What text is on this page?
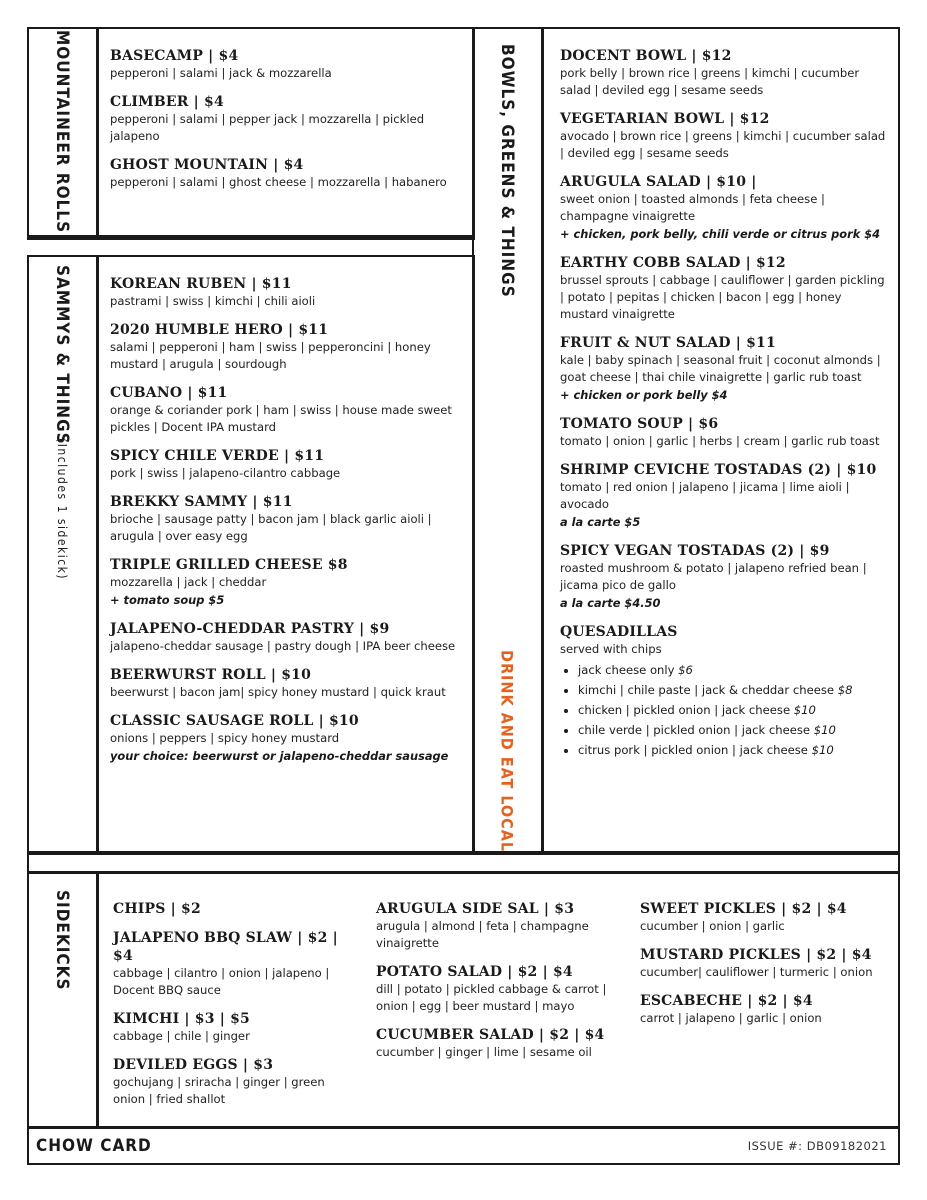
MOUNTAINEER ROLLS	BASECAMP | $4
pepperoni | salami | jack & mozzarella
CLIMBER | $4
pepperoni | salami | pepper jack | mozzarella | pickled jalapeno
GHOST MOUNTAIN | $4
pepperoni | salami | ghost cheese | mozzarella | habanero
SAMMYS & THINGS
(Includes 1 sidekick)
KOREAN RUBEN | $11
pastrami | swiss | kimchi | chili aioli
2020 HUMBLE HERO | $11
salami | pepperoni | ham | swiss | pepperoncini | honey mustard | arugula | sourdough
CUBANO | $11
orange & coriander pork | ham | swiss | house made sweet pickles | Docent IPA mustard
SPICY CHILE VERDE | $11
pork | swiss | jalapeno-cilantro cabbage
BREKKY SAMMY | $11
brioche | sausage patty | bacon jam | black garlic aioli | arugula | over easy egg
TRIPLE GRILLED CHEESE $8
mozzarella | jack | cheddar
+ tomato soup $5
JALAPENO-CHEDDAR PASTRY | $9
jalapeno-cheddar sausage | pastry dough | IPA beer cheese
BEERWURST ROLL | $10
beerwurst | bacon jam| spicy honey mustard | quick kraut
CLASSIC SAUSAGE ROLL | $10
onions | peppers | spicy honey mustard
your choice: beerwurst or jalapeno-cheddar sausage
BOWLS, GREENS & THINGS
DRINK AND EAT LOCAL
DOCENT BOWL | $12
pork belly | brown rice | greens | kimchi | cucumber salad | deviled egg | sesame seeds
VEGETARIAN BOWL | $12
avocado | brown rice | greens | kimchi | cucumber salad | deviled egg | sesame seeds
ARUGULA SALAD | $10 |
sweet onion | toasted almonds | feta cheese | champagne vinaigrette
+ chicken, pork belly, chili verde or citrus pork $4
EARTHY COBB SALAD | $12
brussel sprouts | cabbage | cauliflower | garden pickling | potato | pepitas | chicken | bacon | egg | honey mustard vinaigrette
FRUIT & NUT SALAD | $11
kale | baby spinach | seasonal fruit | coconut almonds | goat cheese | thai chile vinaigrette | garlic rub toast
+ chicken or pork belly $4
TOMATO SOUP | $6
tomato | onion | garlic | herbs | cream | garlic rub toast
SHRIMP CEVICHE TOSTADAS (2) | $10
tomato | red onion | jalapeno | jicama | lime aioli | avocado
a la carte $5
SPICY VEGAN TOSTADAS (2) | $9
roasted mushroom & potato | jalapeno refried bean | jicama pico de gallo
a la carte $4.50
QUESADILLAS
served with chips
• jack cheese only $6
• kimchi | chile paste | jack & cheddar cheese $8
• chicken | pickled onion | jack cheese $10
• chile verde | pickled onion | jack cheese $10
• citrus pork | pickled onion | jack cheese $10
SIDEKICKS	CHIPS | $2
JALAPENO BBQ SLAW | $2 | $4
cabbage | cilantro | onion | jalapeno | Docent BBQ sauce
KIMCHI | $3 | $5
cabbage | chile | ginger
DEVILED EGGS | $3
gochujang | sriracha | ginger | green onion | fried shallot
ARUGULA SIDE SAL | $3
arugula | almond | feta | champagne vinaigrette
POTATO SALAD | $2 | $4
dill | potato | pickled cabbage & carrot | onion | egg | beer mustard | mayo
CUCUMBER SALAD | $2 | $4
cucumber | ginger | lime | sesame oil
SWEET PICKLES | $2 | $4
cucumber | onion | garlic
MUSTARD PICKLES | $2 | $4
cucumber| cauliflower | turmeric | onion
ESCABECHE | $2 | $4
carrot | jalapeno | garlic | onion
CHOW CARD	ISSUE #: DB09182021
